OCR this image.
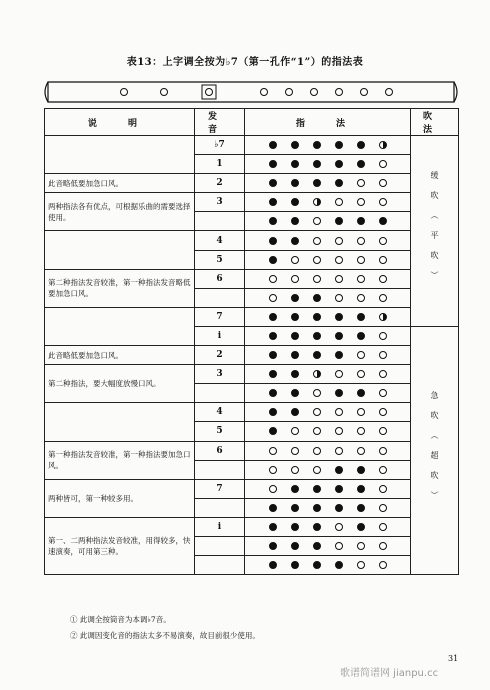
表13：上字调全按为♭7（第一孔作“1”）的指法表
说 明	发 音	指 法	吹 法
	♭7		缓吹（平吹）
	1		
此音略低要加急口风。	2		
两种指法各有优点，可根据乐曲的需要选择使用。	3		

	4		
	5		
第二种指法发音较准，第一种指法发音略低要加急口风。	6		

	7		
	i		急吹（超吹）
此音略低要加急口风。	2		
第二种指法，要大幅度放慢口风。	3		

	4		
	5		
第一种指法发音较准，第一种指法要加急口风。	6		

两种皆可，第一种较多用。	7		

第一、二两种指法发音较准，用得较多，快速演奏，可用第三种。	i		

① 此调全按筒音为本调♭7音。
② 此调因变化音的指法太多不易演奏，故目前很少使用。
31
歌谱简谱网 jianpu.cc
